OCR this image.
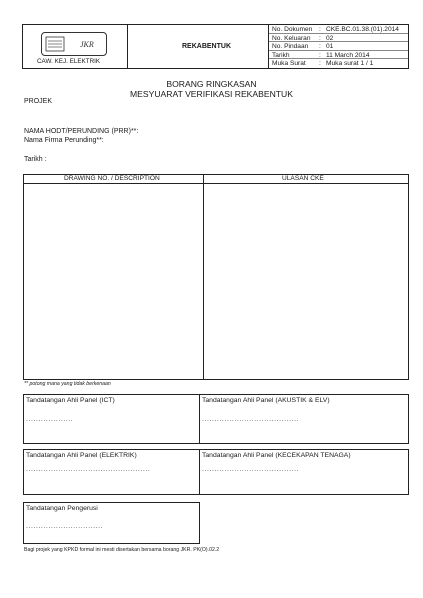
JKR
CAW. KEJ. ELEKTRIK
REKABENTUK
No. Dokumen : CKE.BC.01.38.(01).2014
No. Keluaran : 02
No. Pindaan : 01
Tarikh	: 11 March 2014
Muka Surat : Muka surat 1 / 1
BORANG RINGKASAN
MESYUARAT VERIFIKASI REKABENTUK
PROJEK
NAMA HODT/PERUNDING (PRR)**:
Nama Firma Perunding**:
Tarikh :
DRAWING NO. / DESCRIPTION	ULASAN CKE
** potong mana yang tidak berkenaan
Tandatangan Ahli Panel (ICT)
...................
Tandatangan Ahli Panel (AKUSTIK & ELV)
.......................................
Tandatangan Ahli Panel (ELEKTRIK)
..................................................
Tandatangan Ahli Panel (KECEKAPAN TENAGA)
.......................................
Tandatangan Pengerusi
...............................
Bagi projek yang KPKD formal ini mesti disertakan bersama borang JKR. PK(O).02.2
